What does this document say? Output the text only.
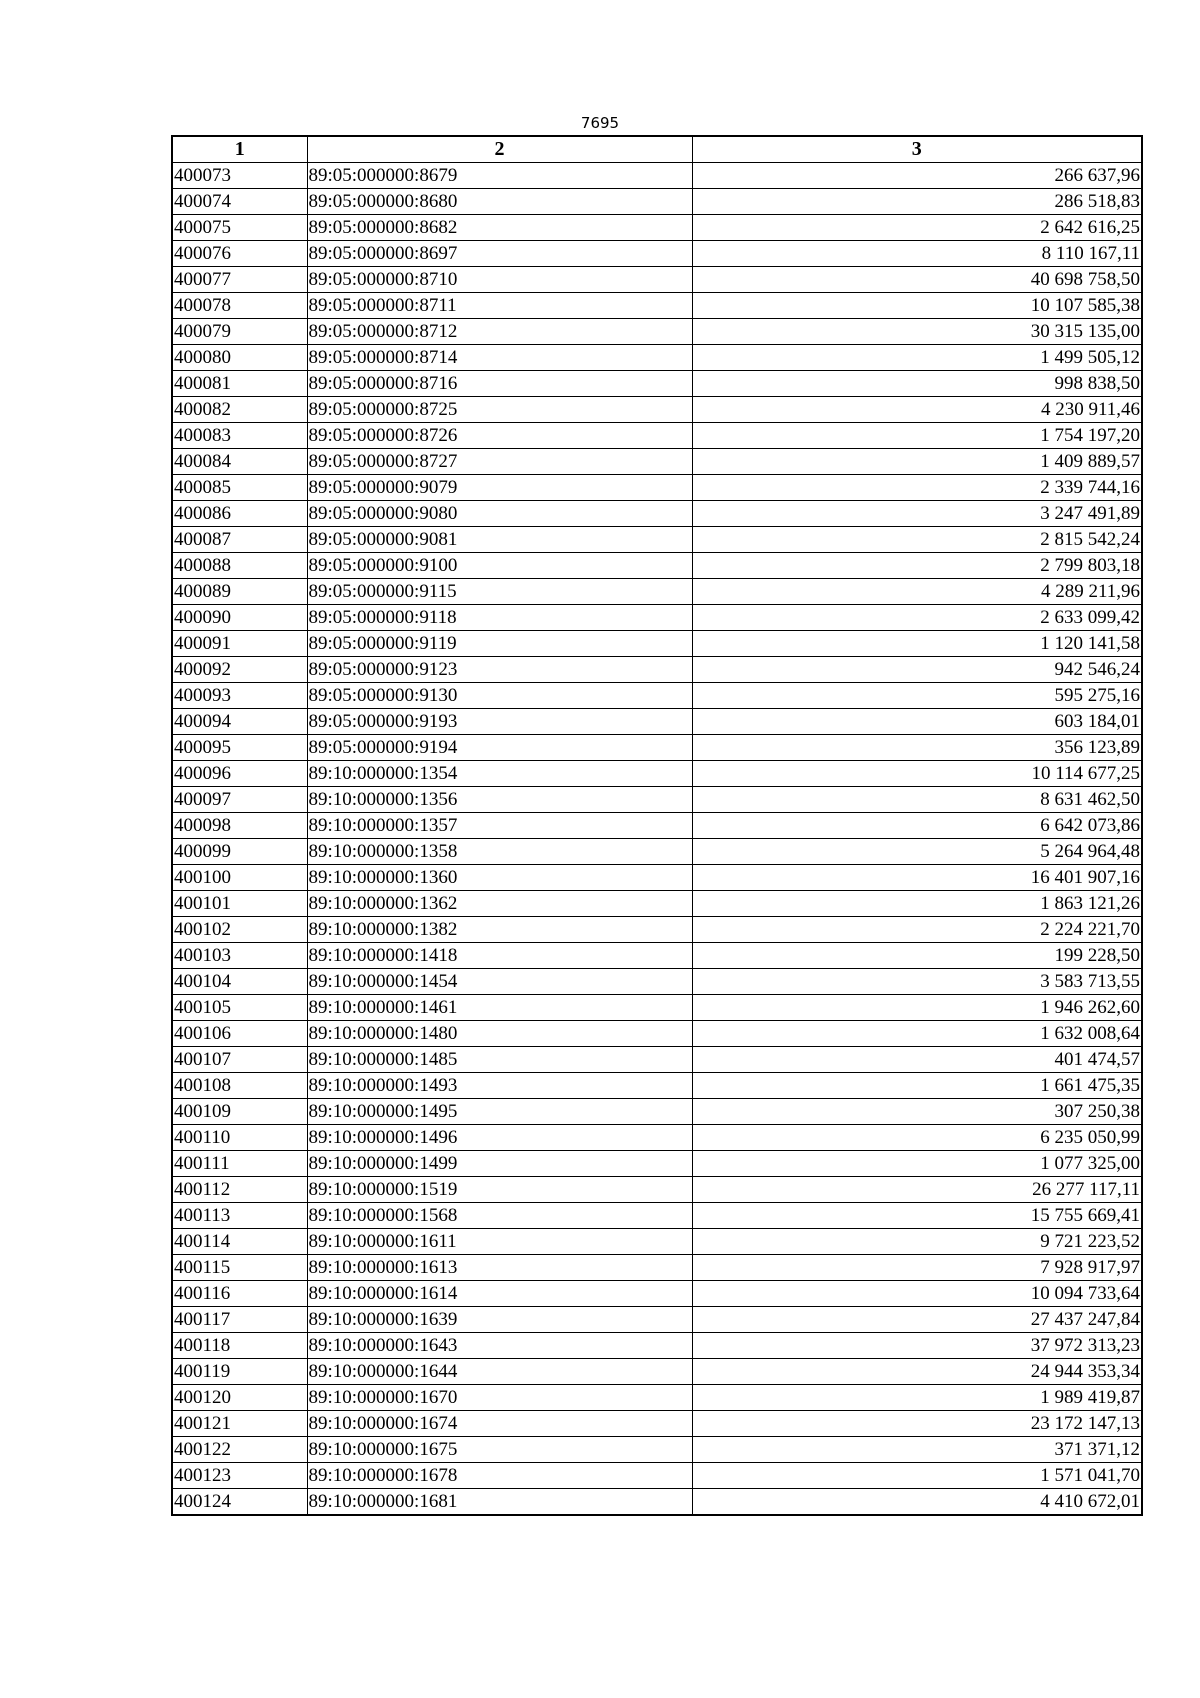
7695
1	2	3
400073	89:05:000000:8679	266 637,96
400074	89:05:000000:8680	286 518,83
400075	89:05:000000:8682	2 642 616,25
400076	89:05:000000:8697	8 110 167,11
400077	89:05:000000:8710	40 698 758,50
400078	89:05:000000:8711	10 107 585,38
400079	89:05:000000:8712	30 315 135,00
400080	89:05:000000:8714	1 499 505,12
400081	89:05:000000:8716	998 838,50
400082	89:05:000000:8725	4 230 911,46
400083	89:05:000000:8726	1 754 197,20
400084	89:05:000000:8727	1 409 889,57
400085	89:05:000000:9079	2 339 744,16
400086	89:05:000000:9080	3 247 491,89
400087	89:05:000000:9081	2 815 542,24
400088	89:05:000000:9100	2 799 803,18
400089	89:05:000000:9115	4 289 211,96
400090	89:05:000000:9118	2 633 099,42
400091	89:05:000000:9119	1 120 141,58
400092	89:05:000000:9123	942 546,24
400093	89:05:000000:9130	595 275,16
400094	89:05:000000:9193	603 184,01
400095	89:05:000000:9194	356 123,89
400096	89:10:000000:1354	10 114 677,25
400097	89:10:000000:1356	8 631 462,50
400098	89:10:000000:1357	6 642 073,86
400099	89:10:000000:1358	5 264 964,48
400100	89:10:000000:1360	16 401 907,16
400101	89:10:000000:1362	1 863 121,26
400102	89:10:000000:1382	2 224 221,70
400103	89:10:000000:1418	199 228,50
400104	89:10:000000:1454	3 583 713,55
400105	89:10:000000:1461	1 946 262,60
400106	89:10:000000:1480	1 632 008,64
400107	89:10:000000:1485	401 474,57
400108	89:10:000000:1493	1 661 475,35
400109	89:10:000000:1495	307 250,38
400110	89:10:000000:1496	6 235 050,99
400111	89:10:000000:1499	1 077 325,00
400112	89:10:000000:1519	26 277 117,11
400113	89:10:000000:1568	15 755 669,41
400114	89:10:000000:1611	9 721 223,52
400115	89:10:000000:1613	7 928 917,97
400116	89:10:000000:1614	10 094 733,64
400117	89:10:000000:1639	27 437 247,84
400118	89:10:000000:1643	37 972 313,23
400119	89:10:000000:1644	24 944 353,34
400120	89:10:000000:1670	1 989 419,87
400121	89:10:000000:1674	23 172 147,13
400122	89:10:000000:1675	371 371,12
400123	89:10:000000:1678	1 571 041,70
400124	89:10:000000:1681	4 410 672,01
